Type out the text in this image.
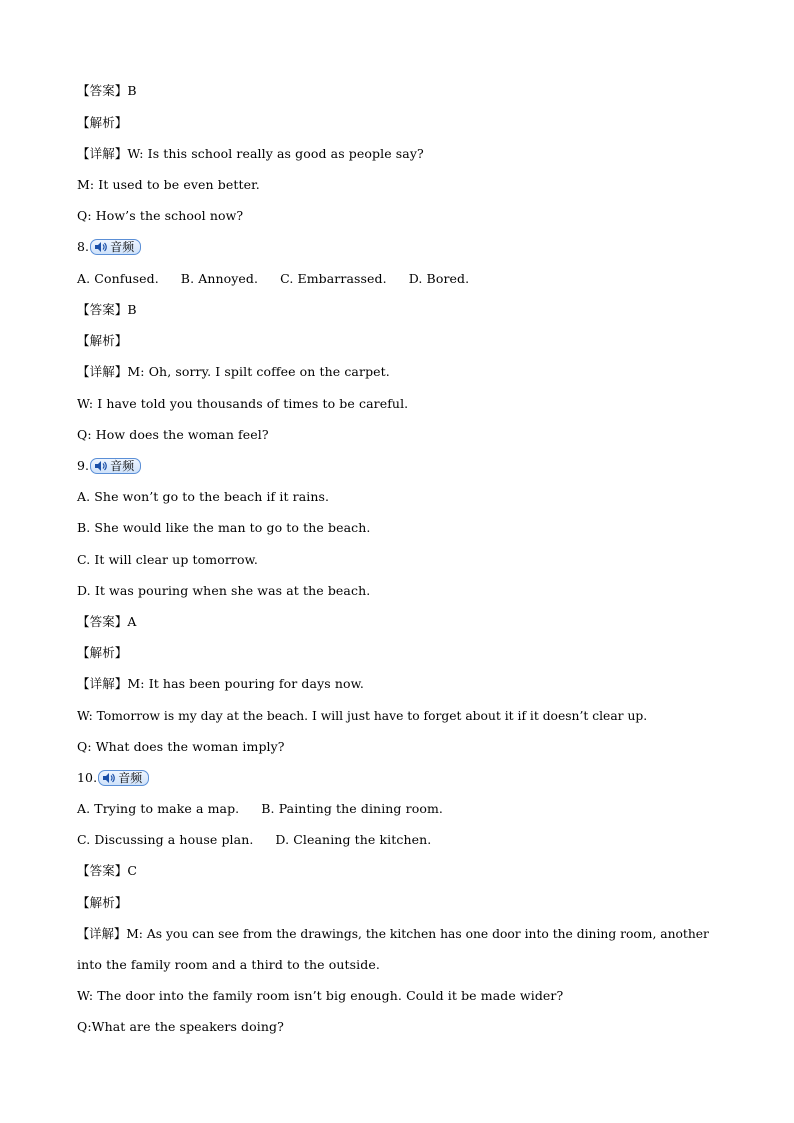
【答案】B
【解析】
【详解】W: Is this school really as good as people say?
M: It used to be even better.
Q: How’s the school now?
8. 音频
A. Confused. B. Annoyed. C. Embarrassed. D. Bored.
【答案】B
【解析】
【详解】M: Oh, sorry. I spilt coffee on the carpet.
W: I have told you thousands of times to be careful.
Q: How does the woman feel?
9. 音频
A. She won’t go to the beach if it rains.
B. She would like the man to go to the beach.
C. It will clear up tomorrow.
D. It was pouring when she was at the beach.
【答案】A
【解析】
【详解】M: It has been pouring for days now.
W: Tomorrow is my day at the beach. I will just have to forget about it if it doesn’t clear up.
Q: What does the woman imply?
10. 音频
A. Trying to make a map. B. Painting the dining room.
C. Discussing a house plan. D. Cleaning the kitchen.
【答案】C
【解析】
【详解】M: As you can see from the drawings, the kitchen has one door into the dining room, another
into the family room and a third to the outside.
W: The door into the family room isn’t big enough. Could it be made wider?
Q:What are the speakers doing?
